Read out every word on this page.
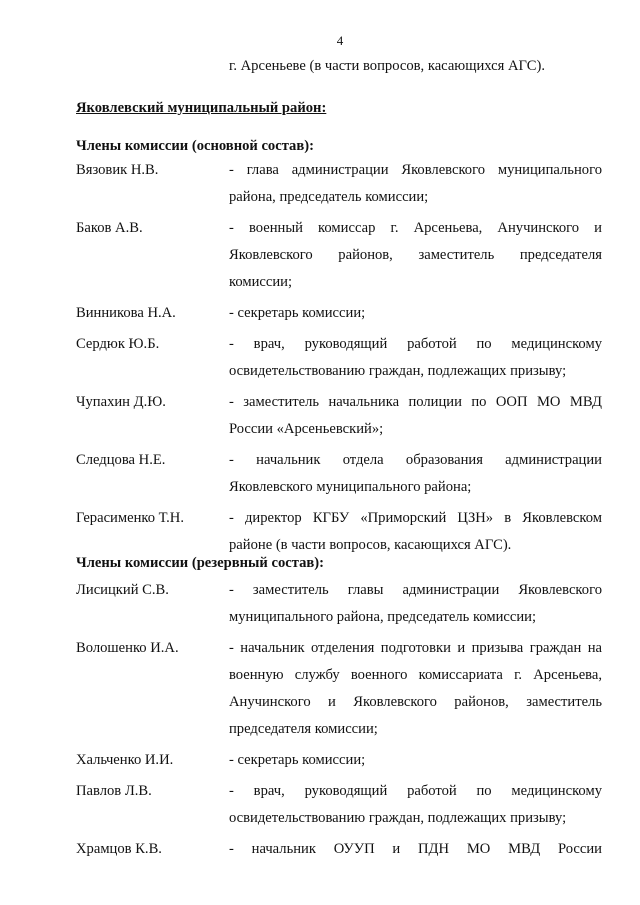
4
г. Арсеньеве (в части вопросов, касающихся АГС).
Яковлевский муниципальный район:
Члены комиссии (основной состав):
Вязовик Н.В.	- глава администрации Яковлевского муниципального
района, председатель комиссии;
Баков А.В.	- военный комиссар г. Арсеньева, Анучинского и
Яковлевского районов, заместитель председателя
комиссии;
Винникова Н.А.	- секретарь комиссии;
Сердюк Ю.Б.	- врач, руководящий работой по медицинскому
освидетельствованию граждан, подлежащих призыву;
Чупахин Д.Ю.	- заместитель начальника полиции по ООП МО МВД
России «Арсеньевский»;
Следцова Н.Е.	- начальник отдела образования администрации
Яковлевского муниципального района;
Герасименко Т.Н.	- директор КГБУ «Приморский ЦЗН» в Яковлевском
районе (в части вопросов, касающихся АГС).
Члены комиссии (резервный состав):
Лисицкий С.В.	- заместитель главы администрации Яковлевского
муниципального района, председатель комиссии;
Волошенко И.А.	- начальник отделения подготовки и призыва граждан на
военную службу военного комиссариата г. Арсеньева,
Анучинского и Яковлевского районов, заместитель
председателя комиссии;
Хальченко И.И.	- секретарь комиссии;
Павлов Л.В.	- врач, руководящий работой по медицинскому
освидетельствованию граждан, подлежащих призыву;
Храмцов К.В.	- начальник ОУУП и ПДН МО МВД России
